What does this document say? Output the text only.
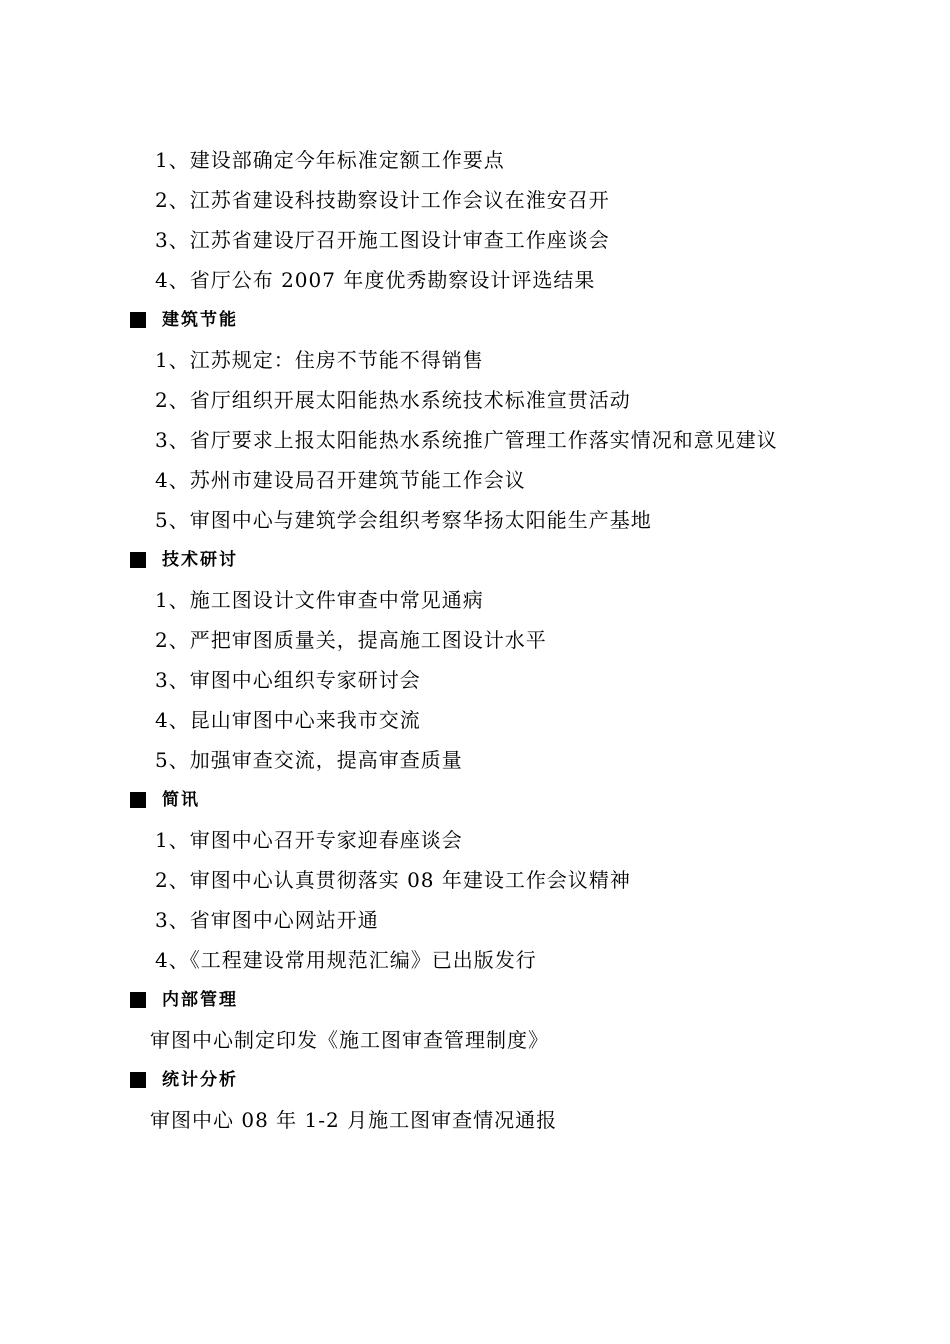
1、建设部确定今年标准定额工作要点
2、江苏省建设科技勘察设计工作会议在淮安召开
3、江苏省建设厅召开施工图设计审查工作座谈会
4、省厅公布 2007 年度优秀勘察设计评选结果
建筑节能
1、江苏规定：住房不节能不得销售
2、省厅组织开展太阳能热水系统技术标准宣贯活动
3、省厅要求上报太阳能热水系统推广管理工作落实情况和意见建议
4、苏州市建设局召开建筑节能工作会议
5、审图中心与建筑学会组织考察华扬太阳能生产基地
技术研讨
1、施工图设计文件审查中常见通病
2、严把审图质量关，提高施工图设计水平
3、审图中心组织专家研讨会
4、昆山审图中心来我市交流
5、加强审查交流，提高审查质量
简讯
1、审图中心召开专家迎春座谈会
2、审图中心认真贯彻落实 08 年建设工作会议精神
3、省审图中心网站开通
4、《工程建设常用规范汇编》已出版发行
内部管理
审图中心制定印发《施工图审查管理制度》
统计分析
审图中心 08 年 1-2 月施工图审查情况通报
